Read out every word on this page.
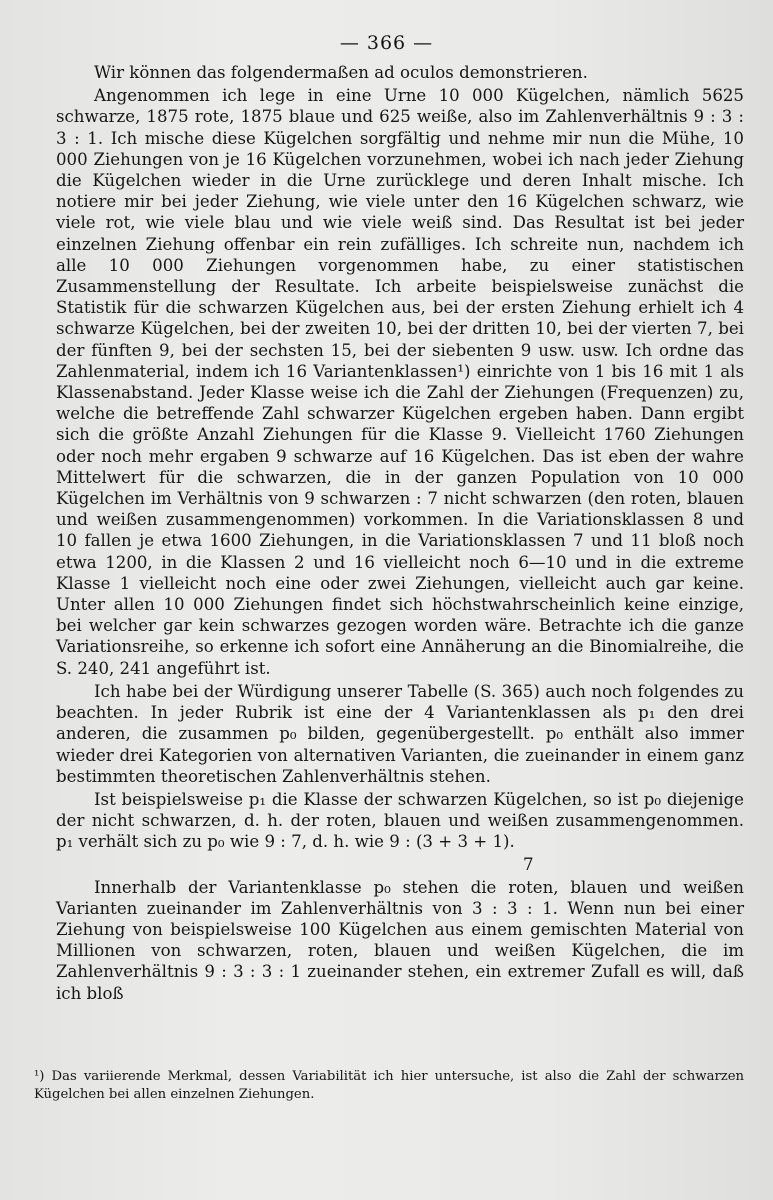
— 366 —

Wir können das folgendermaßen ad oculos demonstrieren.

Angenommen ich lege in eine Urne 10 000 Kügelchen, nämlich 5625 schwarze, 1875 rote, 1875 blaue und 625 weiße, also im Zahlenverhältnis 9 : 3 : 3 : 1. Ich mische diese Kügelchen sorgfältig und nehme mir nun die Mühe, 10 000 Ziehungen von je 16 Kügelchen vorzunehmen, wobei ich nach jeder Ziehung die Kügelchen wieder in die Urne zurücklege und deren Inhalt mische. Ich notiere mir bei jeder Ziehung, wie viele unter den 16 Kügelchen schwarz, wie viele rot, wie viele blau und wie viele weiß sind. Das Resultat ist bei jeder einzelnen Ziehung offenbar ein rein zufälliges. Ich schreite nun, nachdem ich alle 10 000 Ziehungen vorgenommen habe, zu einer statistischen Zusammenstellung der Resultate. Ich arbeite beispielsweise zunächst die Statistik für die schwarzen Kügelchen aus, bei der ersten Ziehung erhielt ich 4 schwarze Kügelchen, bei der zweiten 10, bei der dritten 10, bei der vierten 7, bei der fünften 9, bei der sechsten 15, bei der siebenten 9 usw. usw. Ich ordne das Zahlenmaterial, indem ich 16 Variantenklassen¹) einrichte von 1 bis 16 mit 1 als Klassenabstand. Jeder Klasse weise ich die Zahl der Ziehungen (Frequenzen) zu, welche die betreffende Zahl schwarzer Kügelchen ergeben haben. Dann ergibt sich die größte Anzahl Ziehungen für die Klasse 9. Vielleicht 1760 Ziehungen oder noch mehr ergaben 9 schwarze auf 16 Kügelchen. Das ist eben der wahre Mittelwert für die schwarzen, die in der ganzen Population von 10 000 Kügelchen im Verhältnis von 9 schwarzen : 7 nicht schwarzen (den roten, blauen und weißen zusammengenommen) vorkommen. In die Variationsklassen 8 und 10 fallen je etwa 1600 Ziehungen, in die Variationsklassen 7 und 11 bloß noch etwa 1200, in die Klassen 2 und 16 vielleicht noch 6—10 und in die extreme Klasse 1 vielleicht noch eine oder zwei Ziehungen, vielleicht auch gar keine. Unter allen 10 000 Ziehungen findet sich höchstwahrscheinlich keine einzige, bei welcher gar kein schwarzes gezogen worden wäre. Betrachte ich die ganze Variationsreihe, so erkenne ich sofort eine Annäherung an die Binomialreihe, die S. 240, 241 angeführt ist.

Ich habe bei der Würdigung unserer Tabelle (S. 365) auch noch folgendes zu beachten. In jeder Rubrik ist eine der 4 Variantenklassen als p₁ den drei anderen, die zusammen p₀ bilden, gegenübergestellt. p₀ enthält also immer wieder drei Kategorien von alternativen Varianten, die zueinander in einem ganz bestimmten theoretischen Zahlenverhältnis stehen.

Ist beispielsweise p₁ die Klasse der schwarzen Kügelchen, so ist p₀ diejenige der nicht schwarzen, d. h. der roten, blauen und weißen zusammengenommen. p₁ verhält sich zu p₀ wie 9 : 7, d. h. wie 9 : (3 + 3 + 1).

7

Innerhalb der Variantenklasse p₀ stehen die roten, blauen und weißen Varianten zueinander im Zahlenverhältnis von 3 : 3 : 1. Wenn nun bei einer Ziehung von beispielsweise 100 Kügelchen aus einem gemischten Material von Millionen von schwarzen, roten, blauen und weißen Kügelchen, die im Zahlenverhältnis 9 : 3 : 3 : 1 zueinander stehen, ein extremer Zufall es will, daß ich bloß

¹) Das variierende Merkmal, dessen Variabilität ich hier untersuche, ist also die Zahl der schwarzen Kügelchen bei allen einzelnen Ziehungen.
